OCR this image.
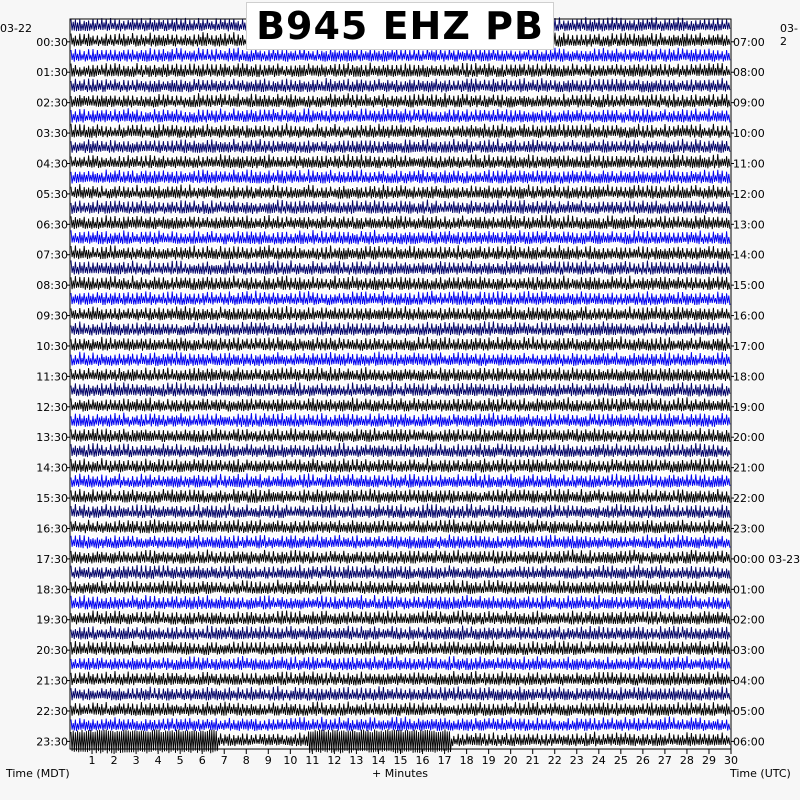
1 2 3 4 5 6 7 8 9 10 11 12 13 14 15 16 17 18 19 20 21 22 23 24 25 26 27 28 29 30
00:30
01:30
02:30
03:30
04:30
05:30
06:30
07:30
08:30
09:30
10:30
11:30
12:30
13:30
14:30
15:30
16:30
17:30
18:30
19:30
20:30
21:30
22:30
23:30
07:00
08:00
09:00
10:00
11:00
12:00
13:00
14:00
15:00
16:00
17:00
18:00
19:00
20:00
21:00
22:00
23:00
00:00 03-23
01:00
02:00
03:00
04:00
05:00
06:00
B945 EHZ PB
03-22	03-2
Time (MDT)	+ Minutes	Time (UTC)
